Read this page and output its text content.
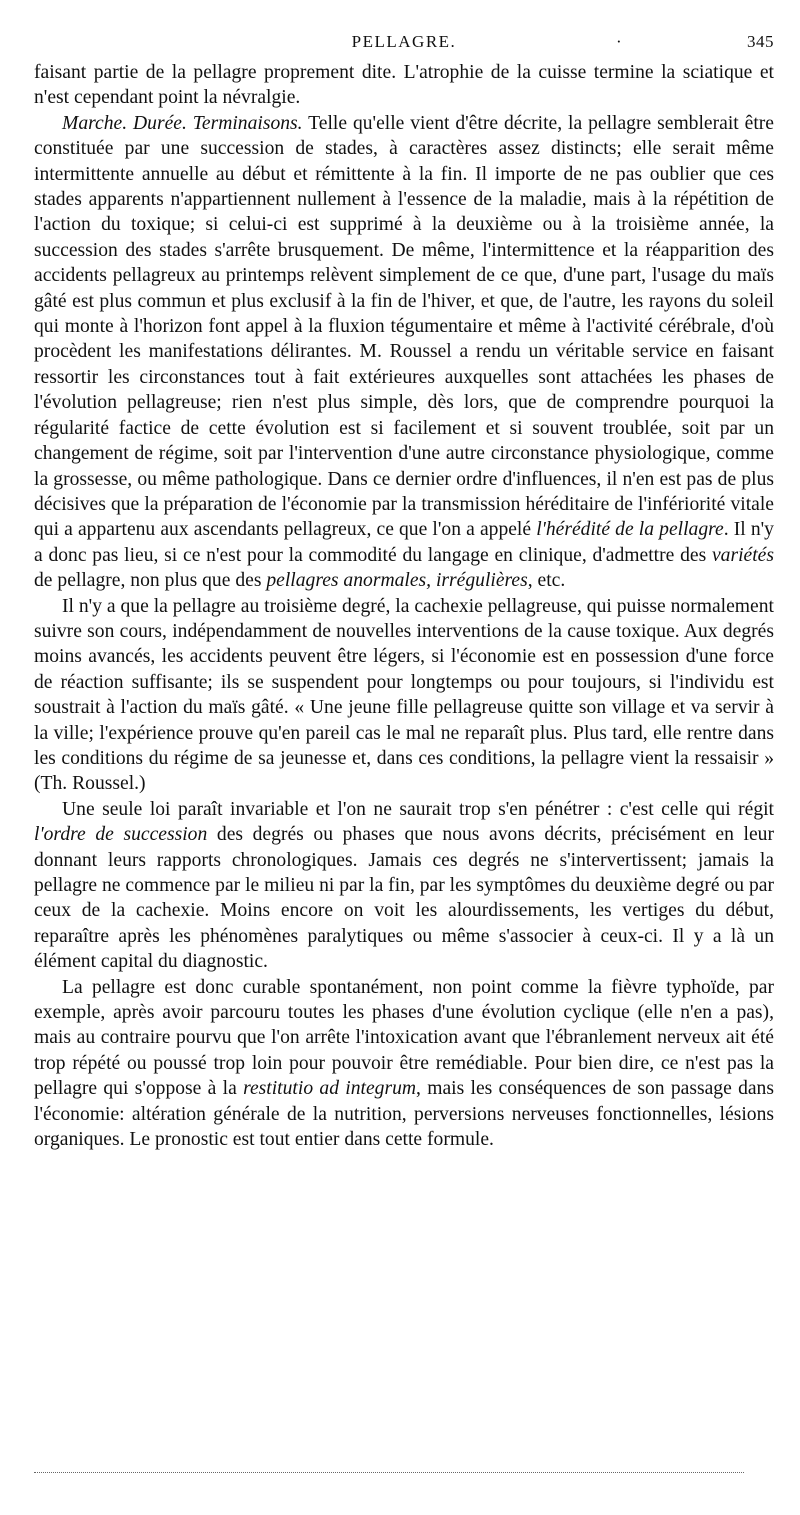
PELLAGRE.	·	345

faisant partie de la pellagre proprement dite. L'atrophie de la cuisse termine la sciatique et n'est cependant point la névralgie.

Marche. Durée. Terminaisons. Telle qu'elle vient d'être décrite, la pellagre semblerait être constituée par une succession de stades, à caractères assez distincts; elle serait même intermittente annuelle au début et rémittente à la fin. Il importe de ne pas oublier que ces stades apparents n'appartiennent nullement à l'essence de la maladie, mais à la répétition de l'action du toxique; si celui-ci est supprimé à la deuxième ou à la troisième année, la succession des stades s'arrête brusquement. De même, l'intermittence et la réapparition des accidents pellagreux au printemps relèvent simplement de ce que, d'une part, l'usage du maïs gâté est plus commun et plus exclusif à la fin de l'hiver, et que, de l'autre, les rayons du soleil qui monte à l'horizon font appel à la fluxion tégumentaire et même à l'activité cérébrale, d'où procèdent les manifestations délirantes. M. Roussel a rendu un véritable service en faisant ressortir les circonstances tout à fait extérieures auxquelles sont attachées les phases de l'évolution pellagreuse; rien n'est plus simple, dès lors, que de comprendre pourquoi la régularité factice de cette évolution est si facilement et si souvent troublée, soit par un changement de régime, soit par l'intervention d'une autre circonstance physiologique, comme la grossesse, ou même pathologique. Dans ce dernier ordre d'influences, il n'en est pas de plus décisives que la préparation de l'économie par la transmission héréditaire de l'infériorité vitale qui a appartenu aux ascendants pellagreux, ce que l'on a appelé l'hérédité de la pellagre. Il n'y a donc pas lieu, si ce n'est pour la commodité du langage en clinique, d'admettre des variétés de pellagre, non plus que des pellagres anormales, irrégulières, etc.

Il n'y a que la pellagre au troisième degré, la cachexie pellagreuse, qui puisse normalement suivre son cours, indépendamment de nouvelles interventions de la cause toxique. Aux degrés moins avancés, les accidents peuvent être légers, si l'économie est en possession d'une force de réaction suffisante; ils se suspendent pour longtemps ou pour toujours, si l'individu est soustrait à l'action du maïs gâté. « Une jeune fille pellagreuse quitte son village et va servir à la ville; l'expérience prouve qu'en pareil cas le mal ne reparaît plus. Plus tard, elle rentre dans les conditions du régime de sa jeunesse et, dans ces conditions, la pellagre vient la ressaisir » (Th. Roussel.)

Une seule loi paraît invariable et l'on ne saurait trop s'en pénétrer : c'est celle qui régit l'ordre de succession des degrés ou phases que nous avons décrits, précisément en leur donnant leurs rapports chronologiques. Jamais ces degrés ne s'intervertissent; jamais la pellagre ne commence par le milieu ni par la fin, par les symptômes du deuxième degré ou par ceux de la cachexie. Moins encore on voit les alourdissements, les vertiges du début, reparaître après les phénomènes paralytiques ou même s'associer à ceux-ci. Il y a là un élément capital du diagnostic.

La pellagre est donc curable spontanément, non point comme la fièvre typhoïde, par exemple, après avoir parcouru toutes les phases d'une évolution cyclique (elle n'en a pas), mais au contraire pourvu que l'on arrête l'intoxication avant que l'ébranlement nerveux ait été trop répété ou poussé trop loin pour pouvoir être remédiable. Pour bien dire, ce n'est pas la pellagre qui s'oppose à la restitutio ad integrum, mais les conséquences de son passage dans l'économie: altération générale de la nutrition, perversions nerveuses fonctionnelles, lésions organiques. Le pronostic est tout entier dans cette formule.
